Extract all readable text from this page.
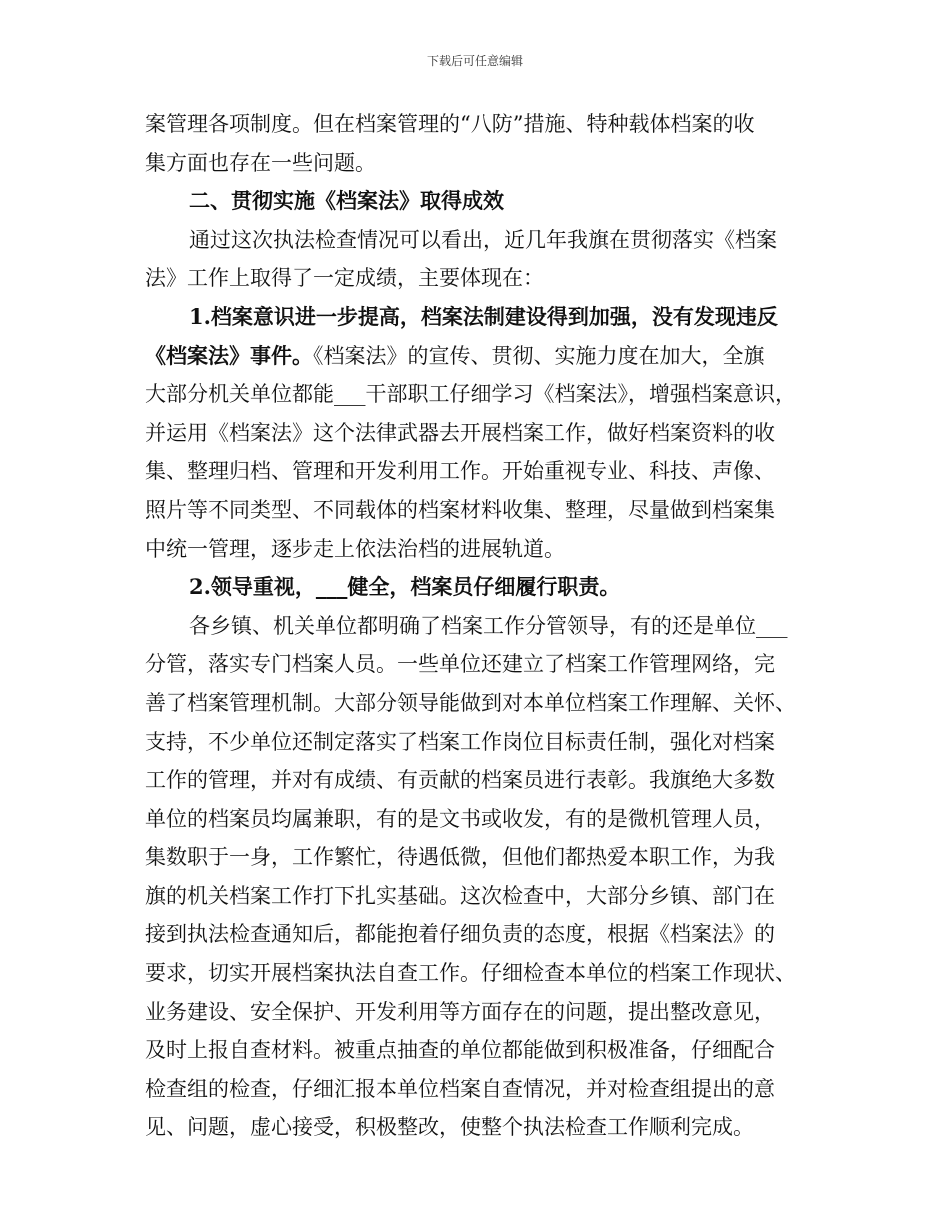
下载后可任意编辑
案管理各项制度。但在档案管理的“八防”措施、特种载体档案的收
集方面也存在一些问题。
二、贯彻实施《档案法》取得成效
通过这次执法检查情况可以看出，近几年我旗在贯彻落实《档案
法》工作上取得了一定成绩，主要体现在：
1.档案意识进一步提高，档案法制建设得到加强，没有发现违反
《档案法》事件。《档案法》的宣传、贯彻、实施力度在加大，全旗
大部分机关单位都能___干部职工仔细学习《档案法》，增强档案意识，
并运用《档案法》这个法律武器去开展档案工作，做好档案资料的收
集、整理归档、管理和开发利用工作。开始重视专业、科技、声像、
照片等不同类型、不同载体的档案材料收集、整理，尽量做到档案集
中统一管理，逐步走上依法治档的进展轨道。
2.领导重视，___健全，档案员仔细履行职责。
各乡镇、机关单位都明确了档案工作分管领导，有的还是单位___
分管，落实专门档案人员。一些单位还建立了档案工作管理网络，完
善了档案管理机制。大部分领导能做到对本单位档案工作理解、关怀、
支持，不少单位还制定落实了档案工作岗位目标责任制，强化对档案
工作的管理，并对有成绩、有贡献的档案员进行表彰。我旗绝大多数
单位的档案员均属兼职，有的是文书或收发，有的是微机管理人员，
集数职于一身，工作繁忙，待遇低微，但他们都热爱本职工作，为我
旗的机关档案工作打下扎实基础。这次检查中，大部分乡镇、部门在
接到执法检查通知后，都能抱着仔细负责的态度，根据《档案法》的
要求，切实开展档案执法自查工作。仔细检查本单位的档案工作现状、
业务建设、安全保护、开发利用等方面存在的问题，提出整改意见，
及时上报自查材料。被重点抽查的单位都能做到积极准备，仔细配合
检查组的检查，仔细汇报本单位档案自查情况，并对检查组提出的意
见、问题，虚心接受，积极整改，使整个执法检查工作顺利完成。
